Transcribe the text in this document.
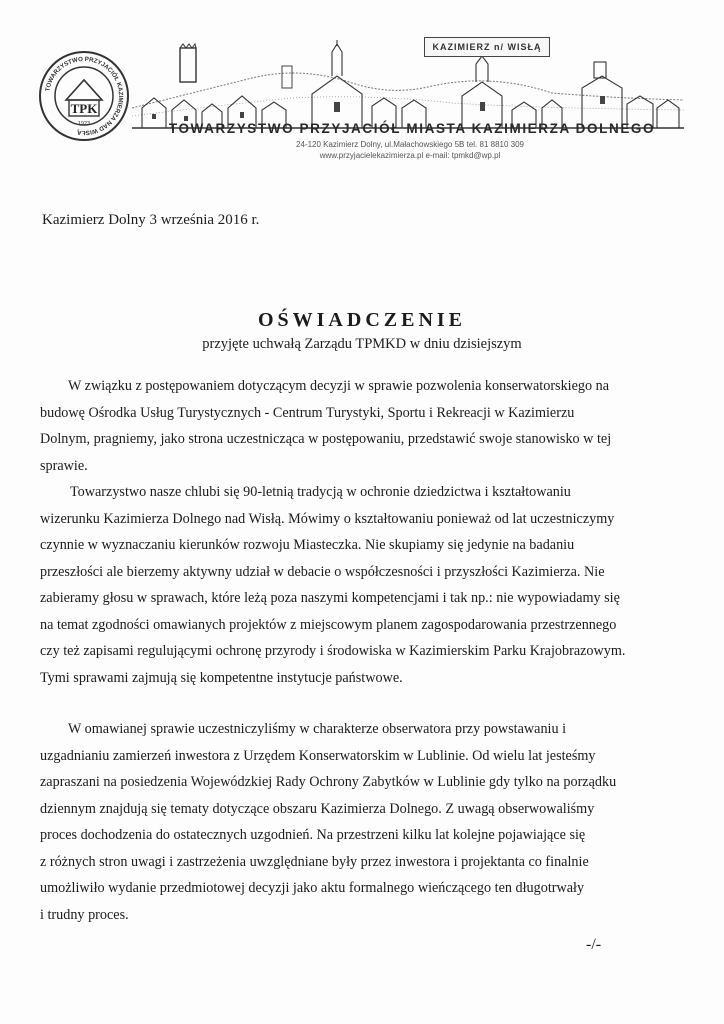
TOWARZYSTWO PRZYJACIÓŁ KAZIMIERZA NAD WISŁĄ
TPK
1923
KAZIMIERZ n/ WISŁĄ
TOWARZYSTWO PRZYJACIÓŁ MIASTA KAZIMIERZA DOLNEGO
24-120 Kazimierz Dolny, ul.Małachowskiego 5B tel. 81 8810 309
www.przyjacielekazimierza.pl e-mail: tpmkd@wp.pl
Kazimierz Dolny 3 września 2016 r.
OŚWIADCZENIE
przyjęte uchwałą Zarządu TPMKD w dniu dzisiejszym

W związku z postępowaniem dotyczącym decyzji w sprawie pozwolenia konserwatorskiego na
budowę Ośrodka Usług Turystycznych - Centrum Turystyki, Sportu i Rekreacji w Kazimierzu
Dolnym, pragniemy, jako strona uczestnicząca w postępowaniu, przedstawić swoje stanowisko w tej
sprawie.

Towarzystwo nasze chlubi się 90-letnią tradycją w ochronie dziedzictwa i kształtowaniu
wizerunku Kazimierza Dolnego nad Wisłą. Mówimy o kształtowaniu ponieważ od lat uczestniczymy
czynnie w wyznaczaniu kierunków rozwoju Miasteczka. Nie skupiamy się jedynie na badaniu
przeszłości ale bierzemy aktywny udział w debacie o współczesności i przyszłości Kazimierza. Nie
zabieramy głosu w sprawach, które leżą poza naszymi kompetencjami i tak np.: nie wypowiadamy się
na temat zgodności omawianych projektów z miejscowym planem zagospodarowania przestrzennego
czy też zapisami regulującymi ochronę przyrody i środowiska w Kazimierskim Parku Krajobrazowym.
Tymi sprawami zajmują się kompetentne instytucje państwowe.

W omawianej sprawie uczestniczyliśmy w charakterze obserwatora przy powstawaniu i
uzgadnianiu zamierzeń inwestora z Urzędem Konserwatorskim w Lublinie. Od wielu lat jesteśmy
zapraszani na posiedzenia Wojewódzkiej Rady Ochrony Zabytków w Lublinie gdy tylko na porządku
dziennym znajdują się tematy dotyczące obszaru Kazimierza Dolnego. Z uwagą obserwowaliśmy
proces dochodzenia do ostatecznych uzgodnień. Na przestrzeni kilku lat kolejne pojawiające się
z różnych stron uwagi i zastrzeżenia uwzględniane były przez inwestora i projektanta co finalnie
umożliwiło wydanie przedmiotowej decyzji jako aktu formalnego wieńczącego ten długotrwały
i trudny proces.

-/-
